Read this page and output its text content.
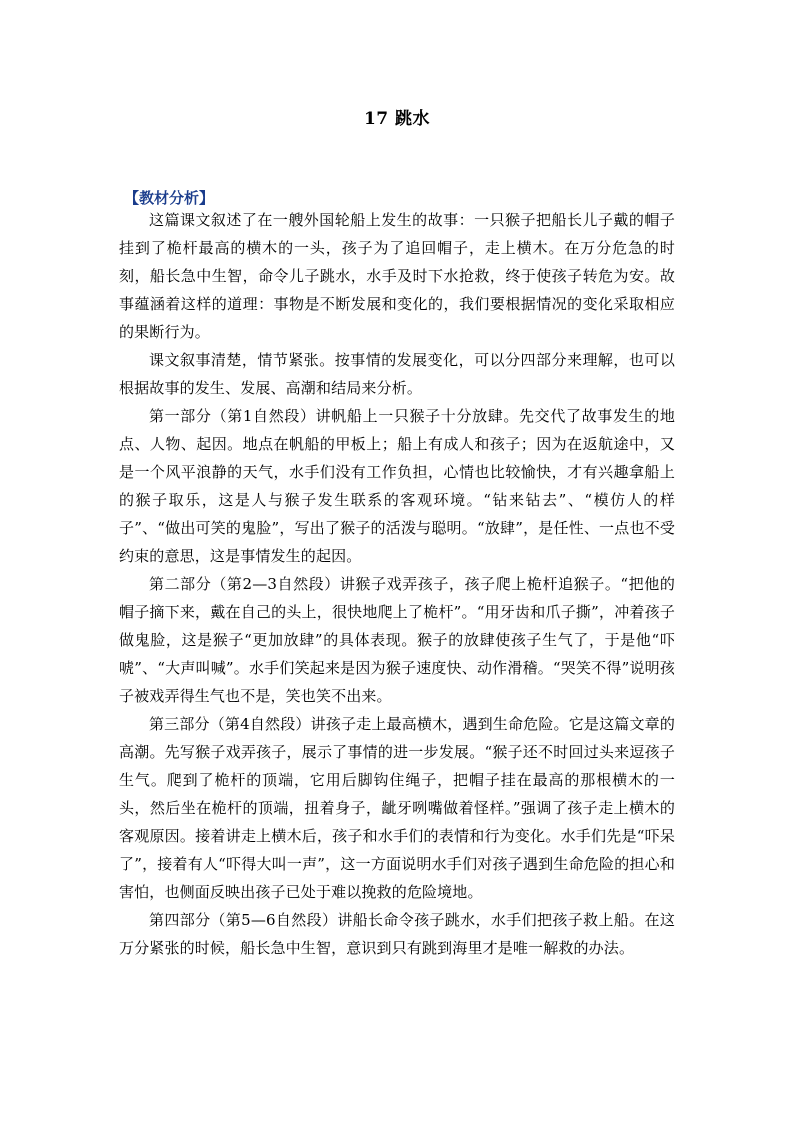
17 跳水
【教材分析】

这篇课文叙述了在一艘外国轮船上发生的故事：一只猴子把船长儿子戴的帽子挂到了桅杆最高的横木的一头，孩子为了追回帽子，走上横木。在万分危急的时刻，船长急中生智，命令儿子跳水，水手及时下水抢救，终于使孩子转危为安。故事蕴涵着这样的道理：事物是不断发展和变化的，我们要根据情况的变化采取相应的果断行为。

课文叙事清楚，情节紧张。按事情的发展变化，可以分四部分来理解，也可以根据故事的发生、发展、高潮和结局来分析。

第一部分（第1自然段）讲帆船上一只猴子十分放肆。先交代了故事发生的地点、人物、起因。地点在帆船的甲板上；船上有成人和孩子；因为在返航途中，又是一个风平浪静的天气，水手们没有工作负担，心情也比较愉快，才有兴趣拿船上的猴子取乐，这是人与猴子发生联系的客观环境。“钻来钻去”、“模仿人的样子”、“做出可笑的鬼脸”，写出了猴子的活泼与聪明。“放肆”，是任性、一点也不受约束的意思，这是事情发生的起因。

第二部分（第2—3自然段）讲猴子戏弄孩子，孩子爬上桅杆追猴子。“把他的帽子摘下来，戴在自己的头上，很快地爬上了桅杆”。“用牙齿和爪子撕”，冲着孩子做鬼脸，这是猴子“更加放肆”的具体表现。猴子的放肆使孩子生气了，于是他“吓唬”、“大声叫喊”。水手们笑起来是因为猴子速度快、动作滑稽。“哭笑不得”说明孩子被戏弄得生气也不是，笑也笑不出来。

第三部分（第4自然段）讲孩子走上最高横木，遇到生命危险。它是这篇文章的高潮。先写猴子戏弄孩子，展示了事情的进一步发展。“猴子还不时回过头来逗孩子生气。爬到了桅杆的顶端，它用后脚钩住绳子，把帽子挂在最高的那根横木的一头，然后坐在桅杆的顶端，扭着身子，龇牙咧嘴做着怪样。”强调了孩子走上横木的客观原因。接着讲走上横木后，孩子和水手们的表情和行为变化。水手们先是“吓呆了”，接着有人“吓得大叫一声”，这一方面说明水手们对孩子遇到生命危险的担心和害怕，也侧面反映出孩子已处于难以挽救的危险境地。

第四部分（第5—6自然段）讲船长命令孩子跳水，水手们把孩子救上船。在这万分紧张的时候，船长急中生智，意识到只有跳到海里才是唯一解救的办法。
